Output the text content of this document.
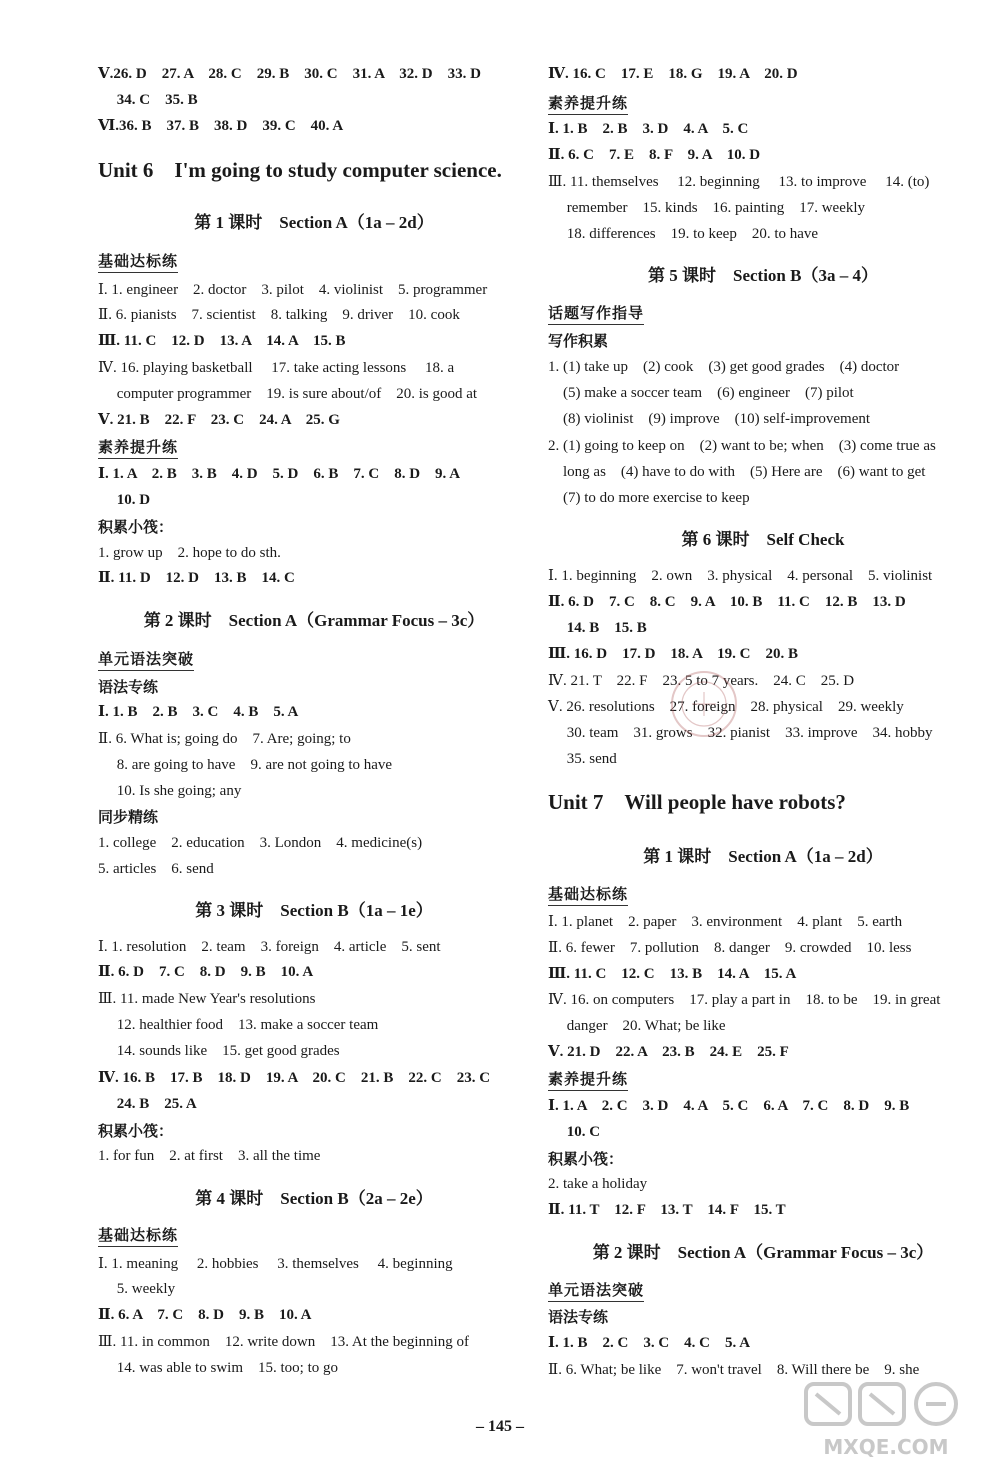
Ⅴ.26. D　27. A　28. C　29. B　30. C　31. A　32. D　33. D
　 34. C　35. B
Ⅵ.36. B　37. B　38. D　39. C　40. A
Unit 6　I'm going to study computer science.
第 1 课时　Section A（1a – 2d）
基础达标练
Ⅰ. 1. engineer　2. doctor　3. pilot　4. violinist　5. programmer
Ⅱ. 6. pianists　7. scientist　8. talking　9. driver　10. cook
Ⅲ. 11. C　12. D　13. A　14. A　15. B
Ⅳ. 16. playing basketball　 17. take acting lessons　 18. a
　 computer programmer　19. is sure about/of　20. is good at
Ⅴ. 21. B　22. F　23. C　24. A　25. G
素养提升练
Ⅰ. 1. A　2. B　3. B　4. D　5. D　6. B　7. C　8. D　9. A
　 10. D
积累小筏：
1. grow up　2. hope to do sth.
Ⅱ. 11. D　12. D　13. B　14. C
第 2 课时　Section A（Grammar Focus – 3c）
单元语法突破
语法专练
Ⅰ. 1. B　2. B　3. C　4. B　5. A
Ⅱ. 6. What is; going do　7. Are; going; to
　 8. are going to have　9. are not going to have
　 10. Is she going; any
同步精练
1. college　2. education　3. London　4. medicine(s)
5. articles　6. send
第 3 课时　Section B（1a – 1e）
Ⅰ. 1. resolution　2. team　3. foreign　4. article　5. sent
Ⅱ. 6. D　7. C　8. D　9. B　10. A
Ⅲ. 11. made New Year's resolutions
　 12. healthier food　13. make a soccer team
　 14. sounds like　15. get good grades
Ⅳ. 16. B　17. B　18. D　19. A　20. C　21. B　22. C　23. C
　 24. B　25. A
积累小筏：
1. for fun　2. at first　3. all the time
第 4 课时　Section B（2a – 2e）
基础达标练
Ⅰ. 1. meaning　 2. hobbies　 3. themselves　 4. beginning
　 5. weekly
Ⅱ. 6. A　7. C　8. D　9. B　10. A
Ⅲ. 11. in common　12. write down　13. At the beginning of
　 14. was able to swim　15. too; to go
Ⅳ. 16. C　17. E　18. G　19. A　20. D
素养提升练
Ⅰ. 1. B　2. B　3. D　4. A　5. C
Ⅱ. 6. C　7. E　8. F　9. A　10. D
Ⅲ. 11. themselves　 12. beginning　 13. to improve　 14. (to)
　 remember　15. kinds　16. painting　17. weekly
　 18. differences　19. to keep　20. to have
第 5 课时　Section B（3a – 4）
话题写作指导
写作积累
1. (1) take up　(2) cook　(3) get good grades　(4) doctor
　(5) make a soccer team　(6) engineer　(7) pilot
　(8) violinist　(9) improve　(10) self-improvement
2. (1) going to keep on　(2) want to be; when　(3) come true as
　long as　(4) have to do with　(5) Here are　(6) want to get
　(7) to do more exercise to keep
第 6 课时　Self Check
Ⅰ. 1. beginning　2. own　3. physical　4. personal　5. violinist
Ⅱ. 6. D　7. C　8. C　9. A　10. B　11. C　12. B　13. D
　 14. B　15. B
Ⅲ. 16. D　17. D　18. A　19. C　20. B
Ⅳ. 21. T　22. F　23. 5 to 7 years.　24. C　25. D
Ⅴ. 26. resolutions　27. foreign　28. physical　29. weekly
　 30. team　31. grows　32. pianist　33. improve　34. hobby
　 35. send
Unit 7　Will people have robots?
第 1 课时　Section A（1a – 2d）
基础达标练
Ⅰ. 1. planet　2. paper　3. environment　4. plant　5. earth
Ⅱ. 6. fewer　7. pollution　8. danger　9. crowded　10. less
Ⅲ. 11. C　12. C　13. B　14. A　15. A
Ⅳ. 16. on computers　17. play a part in　18. to be　19. in great
　 danger　20. What; be like
Ⅴ. 21. D　22. A　23. B　24. E　25. F
素养提升练
Ⅰ. 1. A　2. C　3. D　4. A　5. C　6. A　7. C　8. D　9. B
　 10. C
积累小筏：
2. take a holiday
Ⅱ. 11. T　12. F　13. T　14. F　15. T
第 2 课时　Section A（Grammar Focus – 3c）
单元语法突破
语法专练
Ⅰ. 1. B　2. C　3. C　4. C　5. A
Ⅱ. 6. What; be like　7. won't travel　8. Will there be　9. she
– 145 –
MXQE.COM
